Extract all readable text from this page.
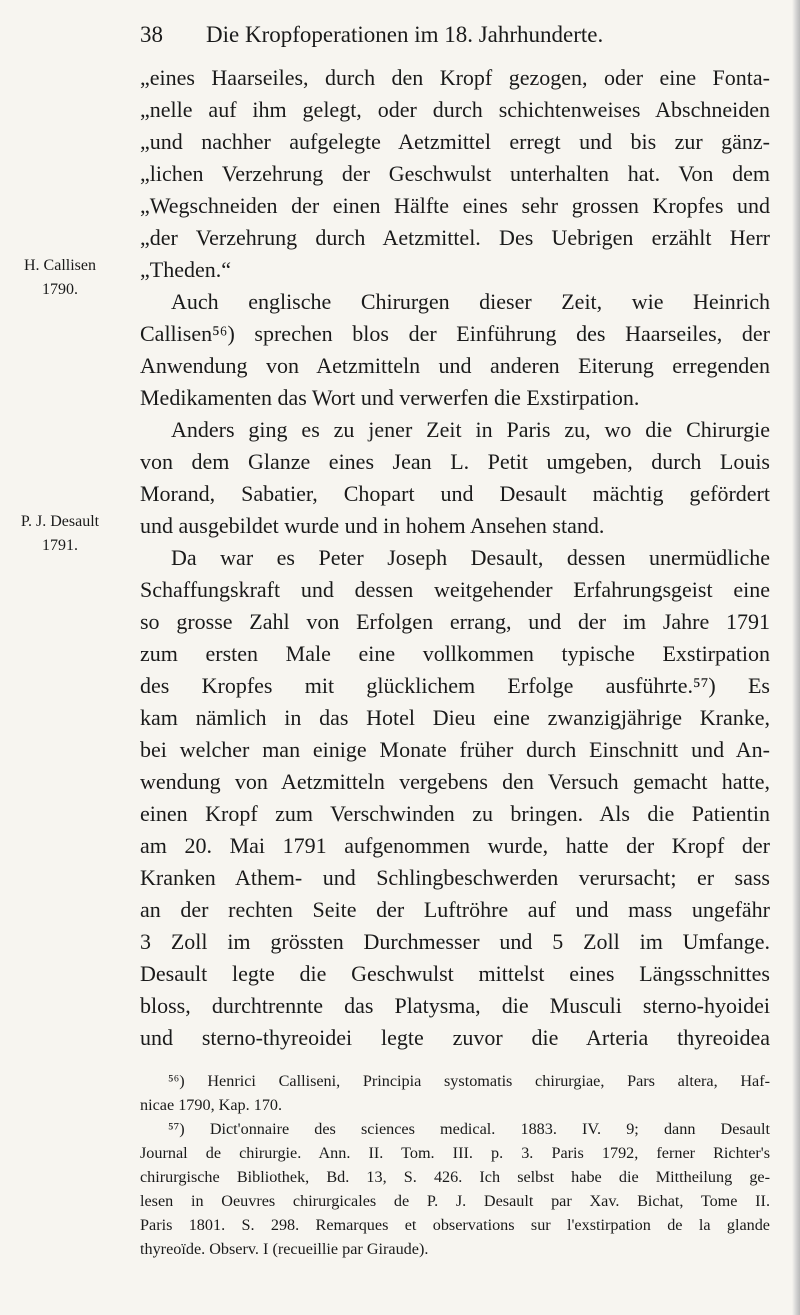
38 Die Kropfoperationen im 18. Jahrhunderte.
H. Callisen
1790.
P. J. Desault
1791.
„eines Haarseiles, durch den Kropf gezogen, oder eine Fonta-
„nelle auf ihm gelegt, oder durch schichtenweises Abschneiden
„und nachher aufgelegte Aetzmittel erregt und bis zur gänz-
„lichen Verzehrung der Geschwulst unterhalten hat. Von dem
„Wegschneiden der einen Hälfte eines sehr grossen Kropfes und
„der Verzehrung durch Aetzmittel. Des Uebrigen erzählt Herr
„Theden.“
Auch englische Chirurgen dieser Zeit, wie Heinrich
Callisen⁵⁶) sprechen blos der Einführung des Haarseiles, der
Anwendung von Aetzmitteln und anderen Eiterung erregenden
Medikamenten das Wort und verwerfen die Exstirpation.
Anders ging es zu jener Zeit in Paris zu, wo die Chirurgie
von dem Glanze eines Jean L. Petit umgeben, durch Louis
Morand, Sabatier, Chopart und Desault mächtig gefördert
und ausgebildet wurde und in hohem Ansehen stand.
Da war es Peter Joseph Desault, dessen unermüdliche
Schaffungskraft und dessen weitgehender Erfahrungsgeist eine
so grosse Zahl von Erfolgen errang, und der im Jahre 1791
zum ersten Male eine vollkommen typische Exstirpation
des Kropfes mit glücklichem Erfolge ausführte.⁵⁷) Es
kam nämlich in das Hotel Dieu eine zwanzigjährige Kranke,
bei welcher man einige Monate früher durch Einschnitt und An-
wendung von Aetzmitteln vergebens den Versuch gemacht hatte,
einen Kropf zum Verschwinden zu bringen. Als die Patientin
am 20. Mai 1791 aufgenommen wurde, hatte der Kropf der
Kranken Athem- und Schlingbeschwerden verursacht; er sass
an der rechten Seite der Luftröhre auf und mass ungefähr
3 Zoll im grössten Durchmesser und 5 Zoll im Umfange.
Desault legte die Geschwulst mittelst eines Längsschnittes
bloss, durchtrennte das Platysma, die Musculi sterno-hyoidei
und sterno-thyreoidei legte zuvor die Arteria thyreoidea
⁵⁶) Henrici Calliseni, Principia systomatis chirurgiae, Pars altera, Haf-
nicae 1790, Kap. 170.
⁵⁷) Dict'onnaire des sciences medical. 1883. IV. 9; dann Desault
Journal de chirurgie. Ann. II. Tom. III. p. 3. Paris 1792, ferner Richter's
chirurgische Bibliothek, Bd. 13, S. 426. Ich selbst habe die Mittheilung ge-
lesen in Oeuvres chirurgicales de P. J. Desault par Xav. Bichat, Tome II.
Paris 1801. S. 298. Remarques et observations sur l'exstirpation de la glande
thyreoïde. Observ. I (recueillie par Giraude).
